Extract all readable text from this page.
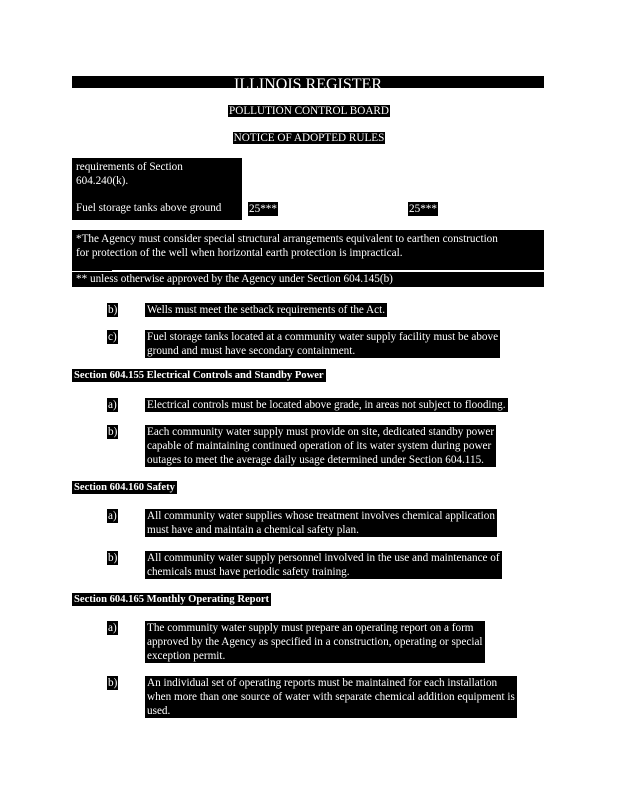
ILLINOIS REGISTER
POLLUTION CONTROL BOARD
NOTICE OF ADOPTED RULES
requirements of Section
604.240(k).
Fuel storage tanks above ground	25***	25***
*The Agency must consider special structural arrangements equivalent to earthen construction
for protection of the well when horizontal earth protection is impractical.
** unless otherwise approved by the Agency under Section 604.145(b)
b)	Wells must meet the setback requirements of the Act.
c)	Fuel storage tanks located at a community water supply facility must be above
ground and must have secondary containment.
Section 604.155 Electrical Controls and Standby Power
a)	Electrical controls must be located above grade, in areas not subject to flooding.
b)	Each community water supply must provide on site, dedicated standby power
capable of maintaining continued operation of its water system during power
outages to meet the average daily usage determined under Section 604.115.
Section 604.160 Safety
a)	All community water supplies whose treatment involves chemical application
must have and maintain a chemical safety plan.
b)	All community water supply personnel involved in the use and maintenance of
chemicals must have periodic safety training.
Section 604.165 Monthly Operating Report
a)	The community water supply must prepare an operating report on a form
approved by the Agency as specified in a construction, operating or special
exception permit.
b)	An individual set of operating reports must be maintained for each installation
when more than one source of water with separate chemical addition equipment is
used.
